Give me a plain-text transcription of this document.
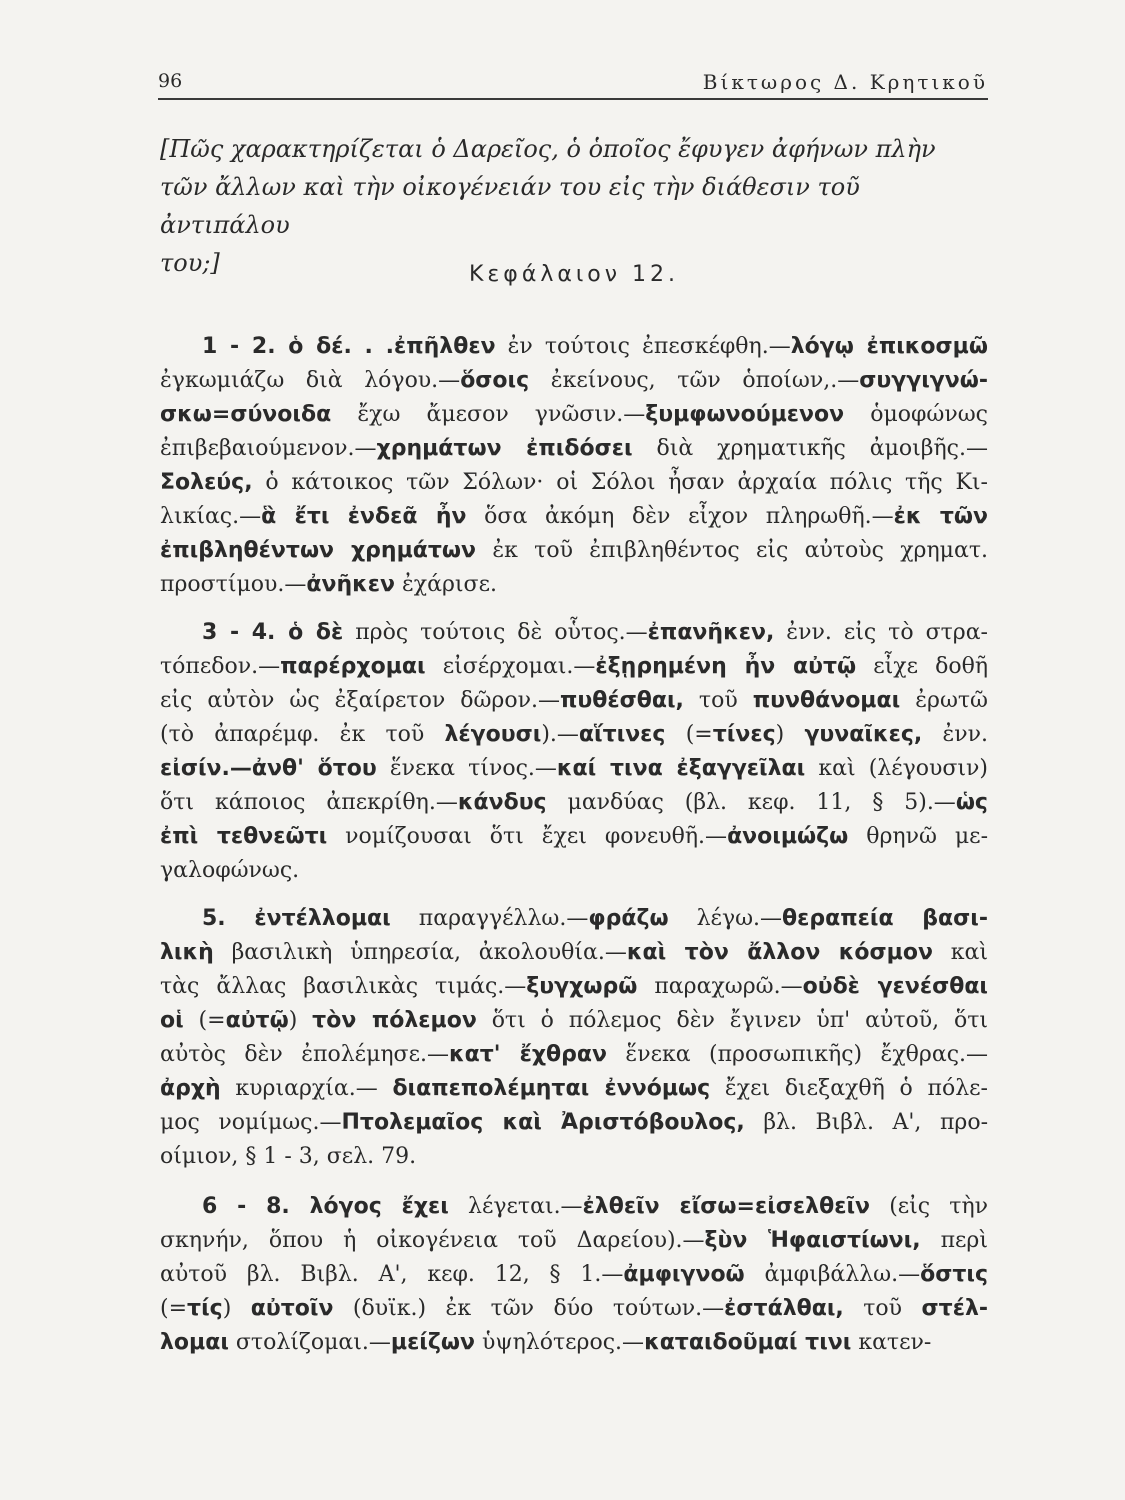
96	Βίκτωρος Δ. Κρητικοῦ
[Πῶς χαρακτηρίζεται ὁ Δαρεῖος, ὁ ὁποῖος ἔφυγεν ἀφήνων πλὴν
τῶν ἄλλων καὶ τὴν οἰκογένειάν του εἰς τὴν διάθεσιν τοῦ ἀντιπάλου
του;]	Κεφάλαιον 12.
1 - 2. ὁ δέ. . .ἐπῆλθεν ἐν τούτοις ἐπεσκέφθη.—λόγῳ ἐπικοσμῶ
ἐγκωμιάζω διὰ λόγου.—ὅσοις ἐκείνους, τῶν ὁποίων,.—συγγιγνώ-
σκω=σύνοιδα ἔχω ἄμεσον γνῶσιν.—ξυμφωνούμενον ὁμοφώνως
ἐπιβεβαιούμενον.—χρημάτων ἐπιδόσει διὰ χρηματικῆς ἀμοιβῆς.—
Σολεύς, ὁ κάτοικος τῶν Σόλων· οἱ Σόλοι ἦσαν ἀρχαία πόλις τῆς Κι-
λικίας.—ἃ ἔτι ἐνδεᾶ ἦν ὅσα ἀκόμη δὲν εἶχον πληρωθῆ.—ἐκ τῶν
ἐπιβληθέντων χρημάτων ἐκ τοῦ ἐπιβληθέντος εἰς αὐτοὺς χρηματ.
προστίμου.—ἀνῆκεν ἐχάρισε.
3 - 4. ὁ δὲ πρὸς τούτοις δὲ οὗτος.—ἐπανῆκεν, ἐνν. εἰς τὸ στρα-
τόπεδον.—παρέρχομαι εἰσέρχομαι.—ἐξῃρημένη ἦν αὐτῷ εἶχε δοθῆ
εἰς αὐτὸν ὡς ἐξαίρετον δῶρον.—πυθέσθαι, τοῦ πυνθάνομαι ἐρωτῶ
(τὸ ἀπαρέμφ. ἐκ τοῦ λέγουσι).—αἵτινες (=τίνες) γυναῖκες, ἐνν.
εἰσίν.—ἀνθ' ὅτου ἕνεκα τίνος.—καί τινα ἐξαγγεῖλαι καὶ (λέγουσιν)
ὅτι κάποιος ἀπεκρίθη.—κάνδυς μανδύας (βλ. κεφ. 11, § 5).—ὡς
ἐπὶ τεθνεῶτι νομίζουσαι ὅτι ἔχει φονευθῆ.—ἀνοιμώζω θρηνῶ με-
γαλοφώνως.
5. ἐντέλλομαι παραγγέλλω.—φράζω λέγω.—θεραπεία βασι-
λικὴ βασιλικὴ ὑπηρεσία, ἀκολουθία.—καὶ τὸν ἄλλον κόσμον καὶ
τὰς ἄλλας βασιλικὰς τιμάς.—ξυγχωρῶ παραχωρῶ.—οὐδὲ γενέσθαι
οἱ (=αὐτῷ) τὸν πόλεμον ὅτι ὁ πόλεμος δὲν ἔγινεν ὑπ' αὐτοῦ, ὅτι
αὐτὸς δὲν ἐπολέμησε.—κατ' ἔχθραν ἕνεκα (προσωπικῆς) ἔχθρας.—
ἀρχὴ κυριαρχία.— διαπεπολέμηται ἐννόμως ἔχει διεξαχθῆ ὁ πόλε-
μος νομίμως.—Πτολεμαῖος καὶ Ἀριστόβουλος, βλ. Βιβλ. Α', προ-
οίμιον, § 1 - 3, σελ. 79.
6 - 8. λόγος ἔχει λέγεται.—ἐλθεῖν εἴσω=εἰσελθεῖν (εἰς τὴν
σκηνήν, ὅπου ἡ οἰκογένεια τοῦ Δαρείου).—ξὺν Ἡφαιστίωνι, περὶ
αὐτοῦ βλ. Βιβλ. Α', κεφ. 12, § 1.—ἀμφιγνοῶ ἀμφιβάλλω.—ὅστις
(=τίς) αὐτοῖν (δυϊκ.) ἐκ τῶν δύο τούτων.—ἐστάλθαι, τοῦ στέλ-
λομαι στολίζομαι.—μείζων ὑψηλότερος.—καταιδοῦμαί τινι κατεν-
